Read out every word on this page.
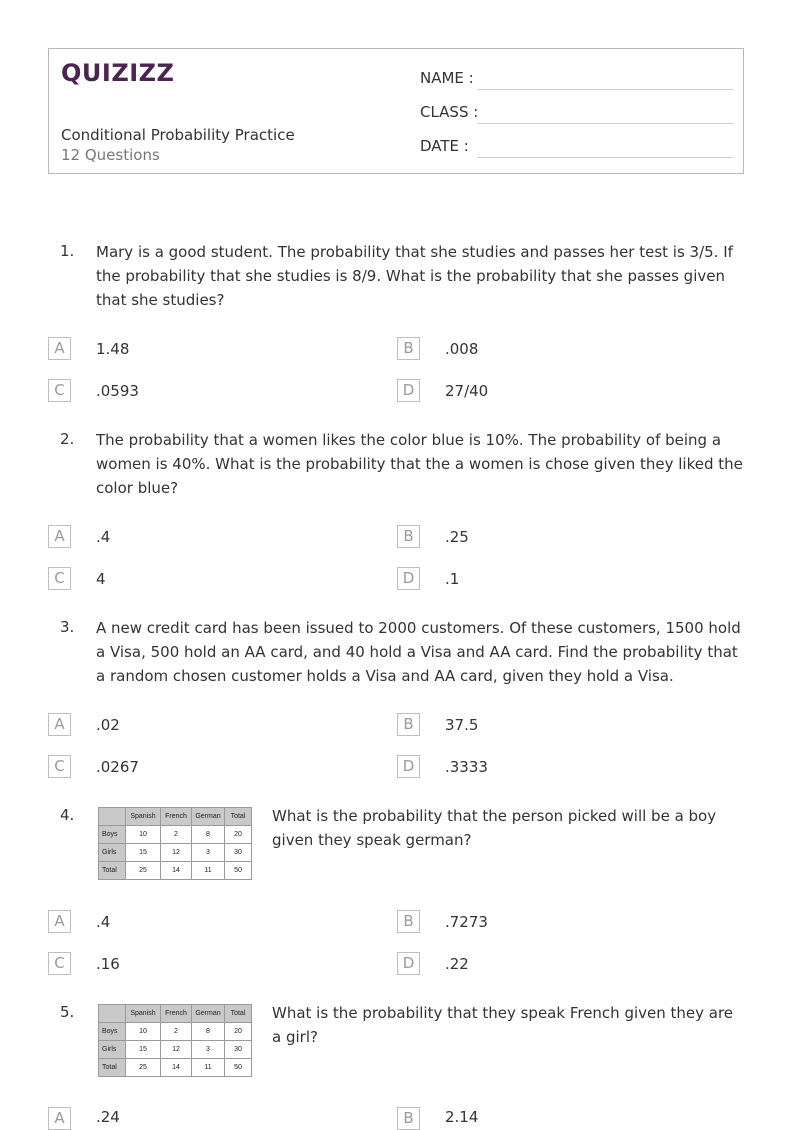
QUIZIZZ
Conditional Probability Practice
12 Questions
NAME :
CLASS :
DATE :
1. Mary is a good student. The probability that she studies and passes her test is 3/5. If the probability that she studies is 8/9. What is the probability that she passes given that she studies?
A	1.48	B	.008
C	.0593	D	27/40
2. The probability that a women likes the color blue is 10%. The probability of being a women is 40%. What is the probability that the a women is chose given they liked the color blue?
A	.4	B	.25
C	4	D	.1
3. A new credit card has been issued to 2000 customers. Of these customers, 1500 hold a Visa, 500 hold an AA card, and 40 hold a Visa and AA card. Find the probability that a random chosen customer holds a Visa and AA card, given they hold a Visa.
A	.02	B	37.5
C	.0267	D	.3333
4.
		Spanish	French	German	Total
Boys	10	2	8	20
Girls	15	12	3	30
Total	25	14	11	50
What is the probability that the person picked will be a boy given they speak german?
A	.4	B	.7273
C	.16	D	.22
5.
		Spanish	French	German	Total
Boys	10	2	8	20
Girls	15	12	3	30
Total	25	14	11	50
What is the probability that they speak French given they are a girl?
A	.24	B	2.14
